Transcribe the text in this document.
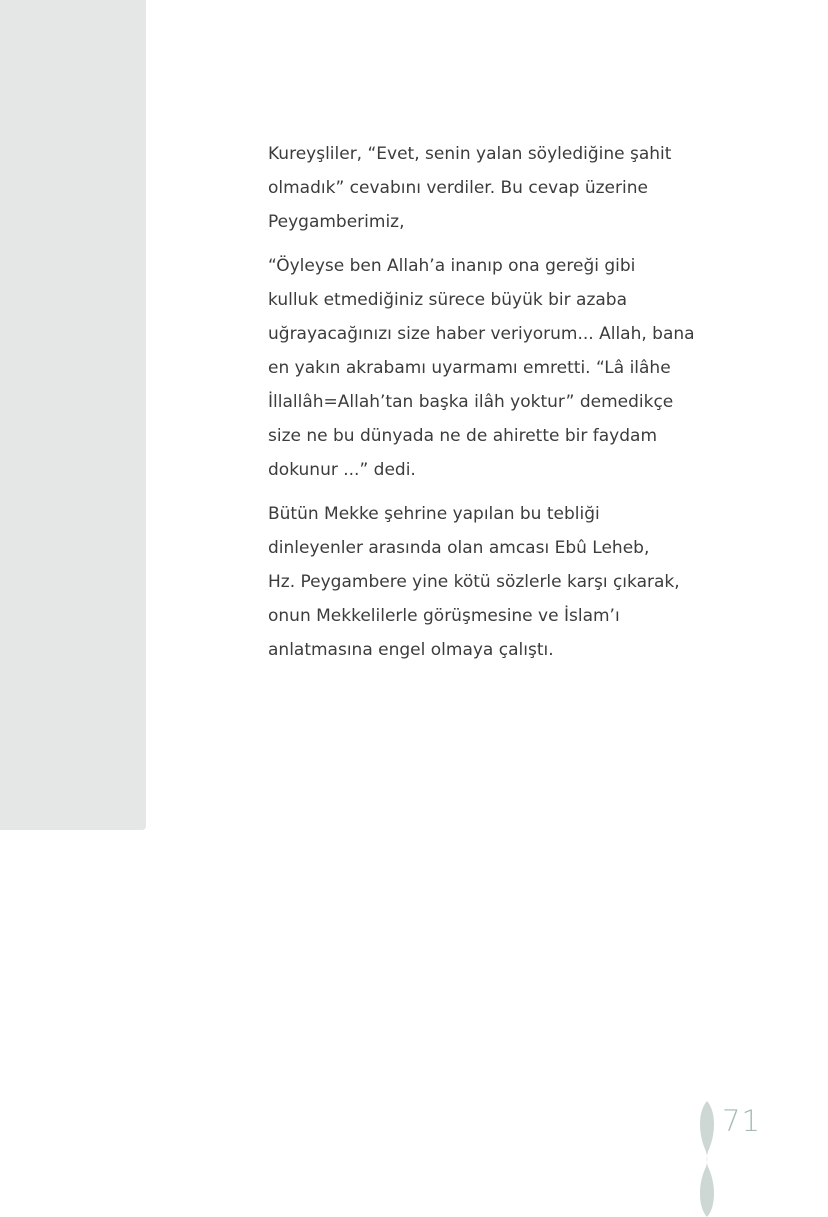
Kureyşliler, “Evet, senin yalan söylediğine şahit
olmadık” cevabını verdiler. Bu cevap üzerine
Peygamberimiz,

“Öyleyse ben Allah’a inanıp ona gereği gibi
kulluk etmediğiniz sürece büyük bir azaba
uğrayacağınızı size haber veriyorum... Allah, bana
en yakın akrabamı uyarmamı emretti. “Lâ ilâhe
İllallâh=Allah’tan başka ilâh yoktur” demedikçe
size ne bu dünyada ne de ahirette bir faydam
dokunur ...” dedi.

Bütün Mekke şehrine yapılan bu tebliği
dinleyenler arasında olan amcası Ebû Leheb,
Hz. Peygambere yine kötü sözlerle karşı çıkarak,
onun Mekkelilerle görüşmesine ve İslam’ı
anlatmasına engel olmaya çalıştı.

71
